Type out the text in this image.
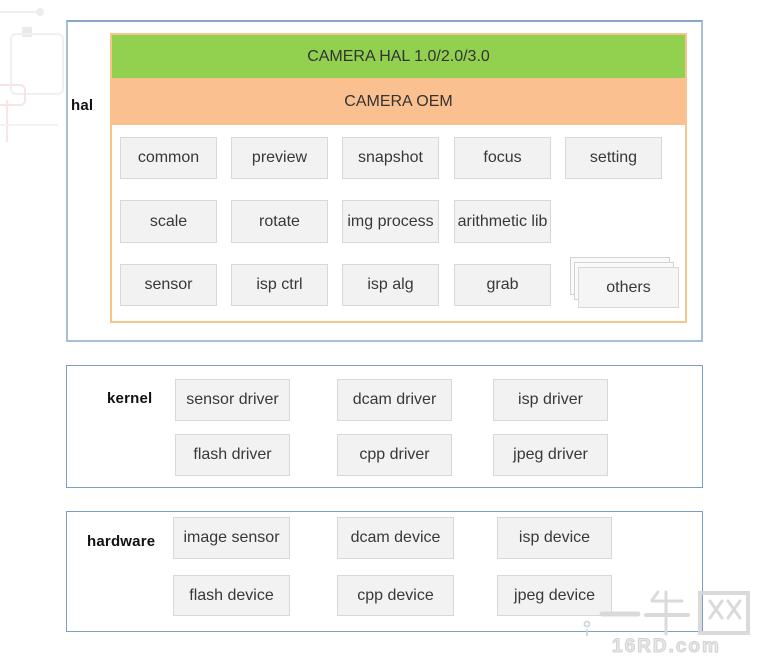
hal
CAMERA HAL 1.0/2.0/3.0
CAMERA OEM
common	preview	snapshot	focus	setting
scale	rotate	img process	arithmetic lib
sensor	isp ctrl	isp alg	grab	others
kernel	sensor driver	dcam driver	isp driver
flash driver	cpp driver	jpeg driver
hardware	image sensor	dcam device	isp device
flash device	cpp device	jpeg device
16RD.com
